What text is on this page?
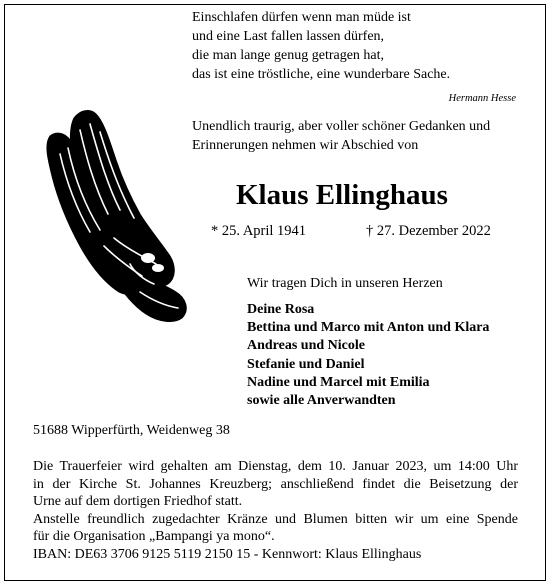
Einschlafen dürfen wenn man müde ist
und eine Last fallen lassen dürfen,
die man lange genug getragen hat,
das ist eine tröstliche, eine wunderbare Sache.
Hermann Hesse
Unendlich traurig, aber voller schöner Gedanken und
Erinnerungen nehmen wir Abschied von
Klaus Ellinghaus
* 25. April 1941	† 27. Dezember 2022
Wir tragen Dich in unseren Herzen
Deine Rosa
Bettina und Marco mit Anton und Klara
Andreas und Nicole
Stefanie und Daniel
Nadine und Marcel mit Emilia
sowie alle Anverwandten
51688 Wipperfürth, Weidenweg 38
Die Trauerfeier wird gehalten am Dienstag, dem 10. Januar 2023, um 14:00 Uhr
in der Kirche St. Johannes Kreuzberg; anschließend findet die Beisetzung der
Urne auf dem dortigen Friedhof statt.
Anstelle freundlich zugedachter Kränze und Blumen bitten wir um eine Spende
für die Organisation „Bampangi ya mono“.
IBAN: DE63 3706 9125 5119 2150 15 - Kennwort: Klaus Ellinghaus
